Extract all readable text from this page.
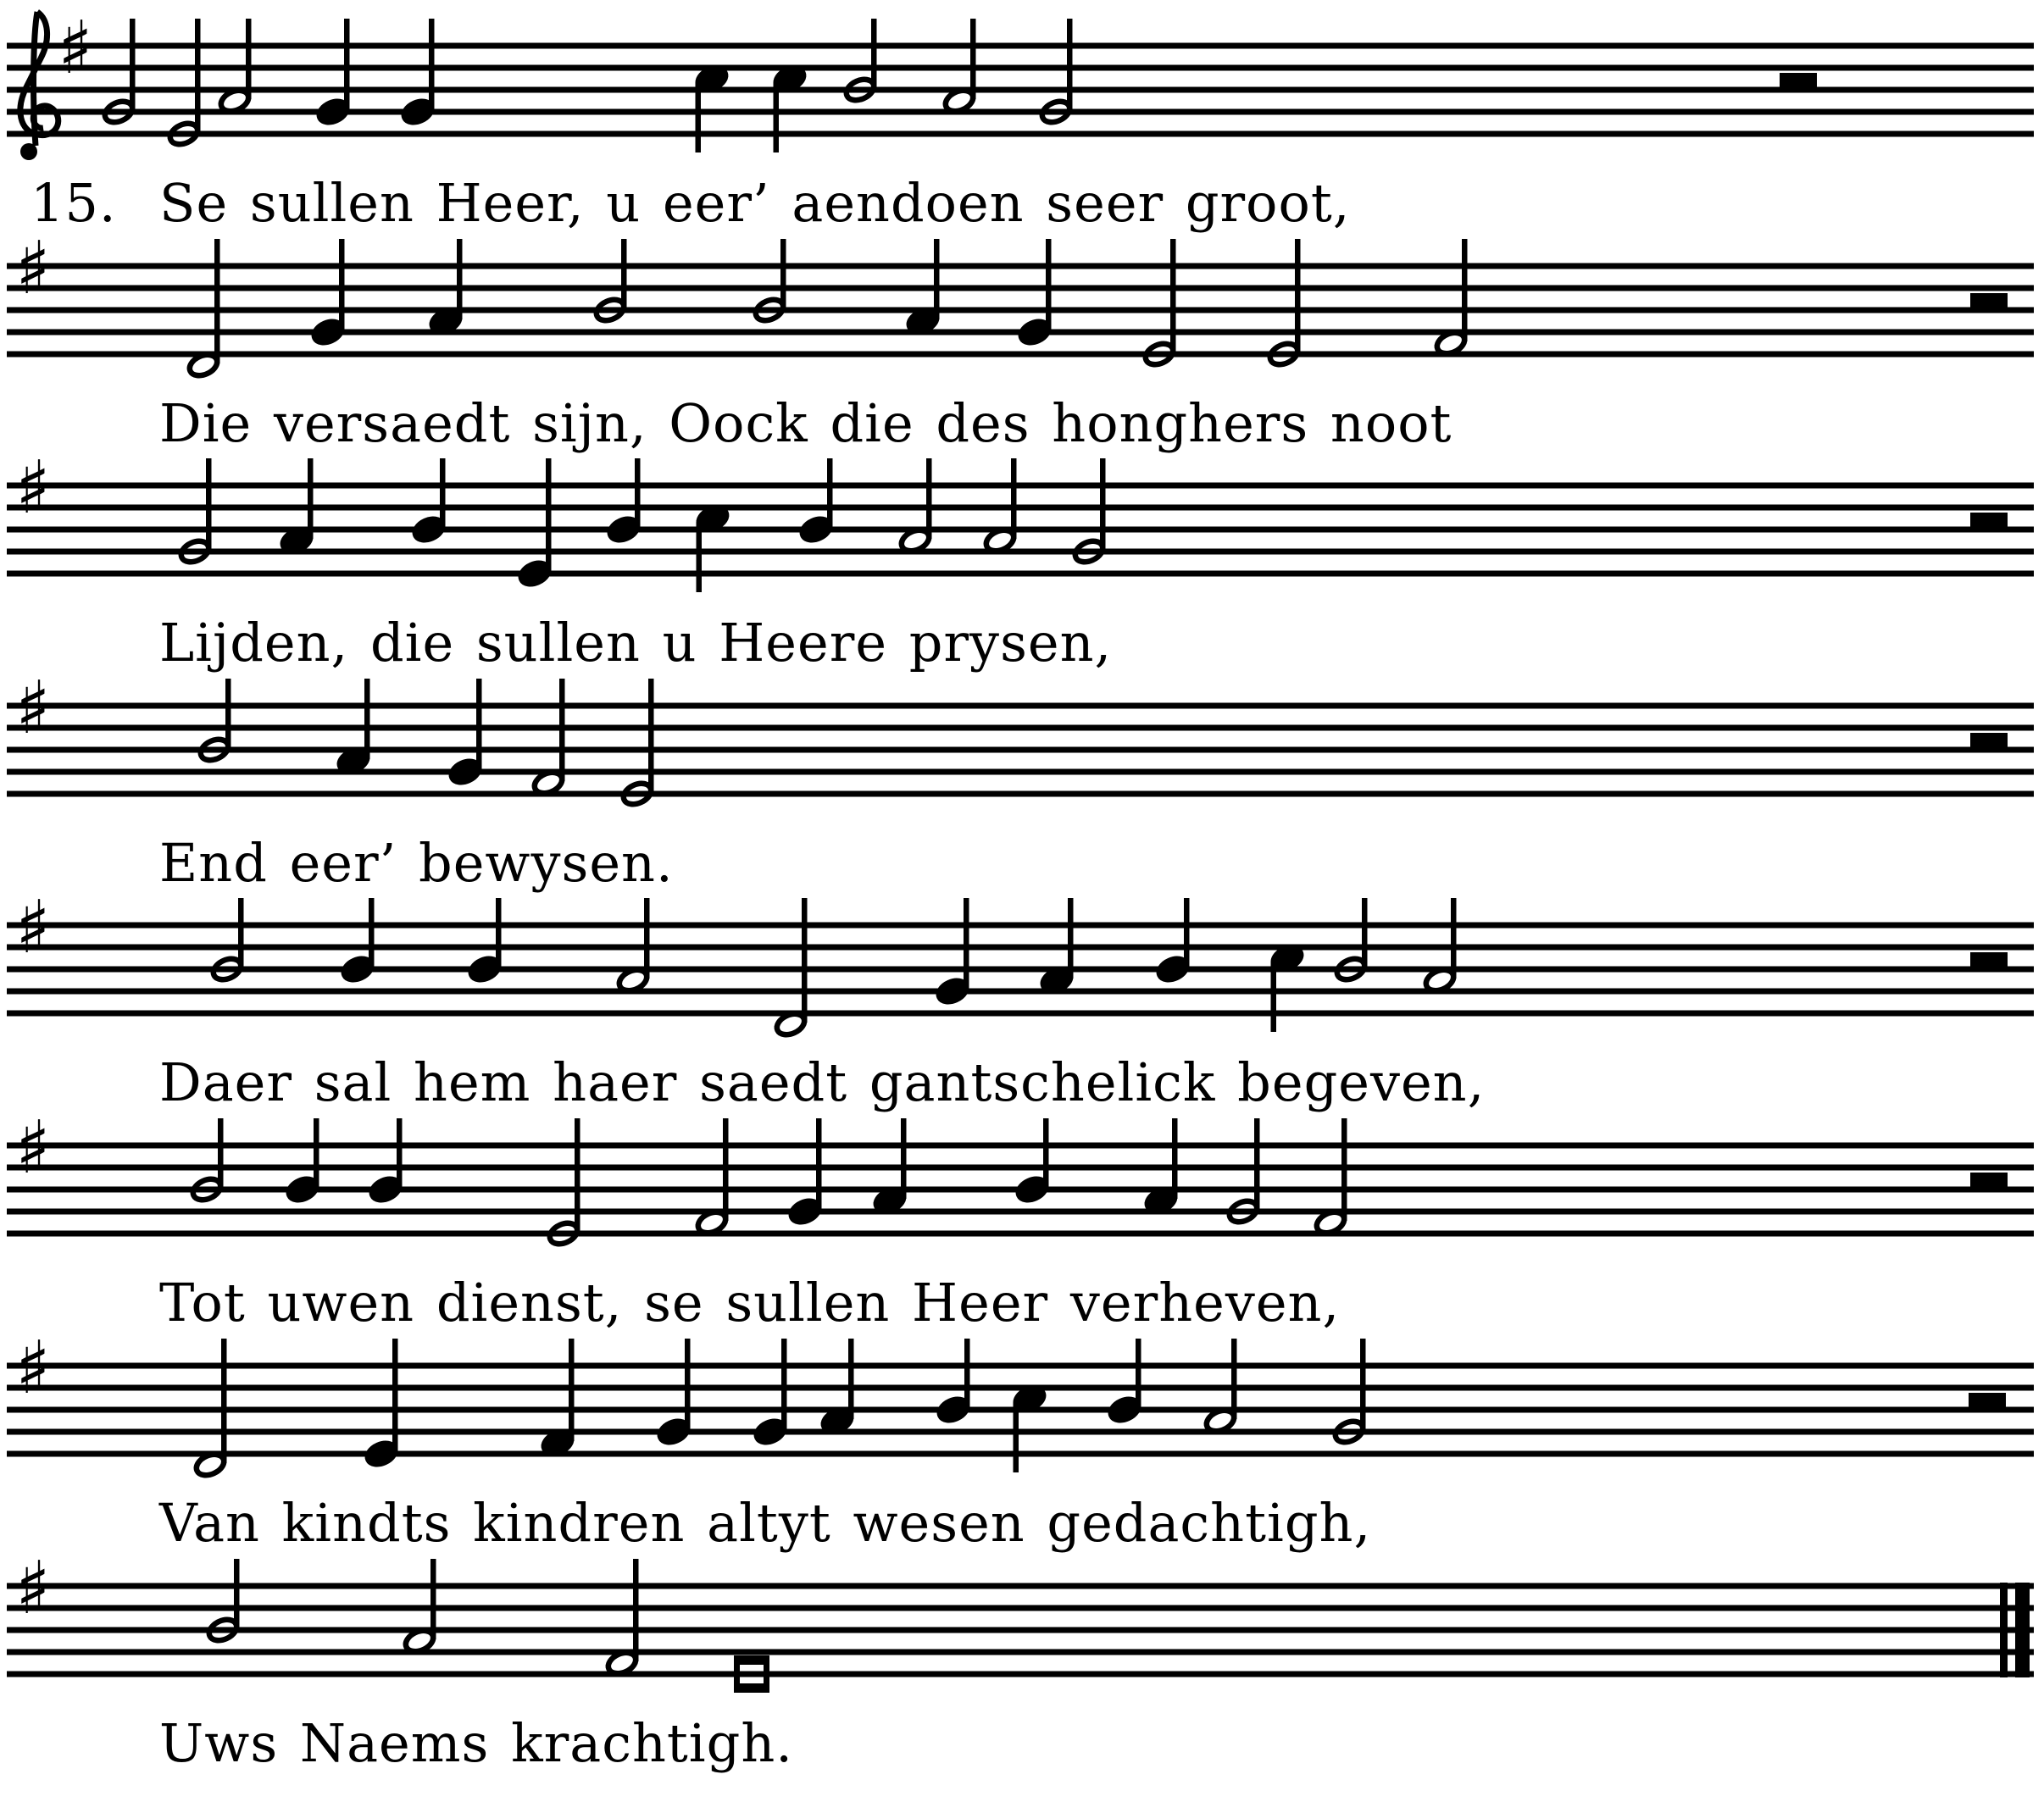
♯
♯
♯
♯
♯
♯
♯
♯
15. Se sullen Heer, u eer’ aendoen seer groot,
Die versaedt sijn, Oock die des honghers noot
Lijden, die sullen u Heere prysen,
End eer’ bewysen.
Daer sal hem haer saedt gantschelick begeven,
Tot uwen dienst, se sullen Heer verheven,
Van kindts kindren altyt wesen gedachtigh,
Uws Naems krachtigh.
